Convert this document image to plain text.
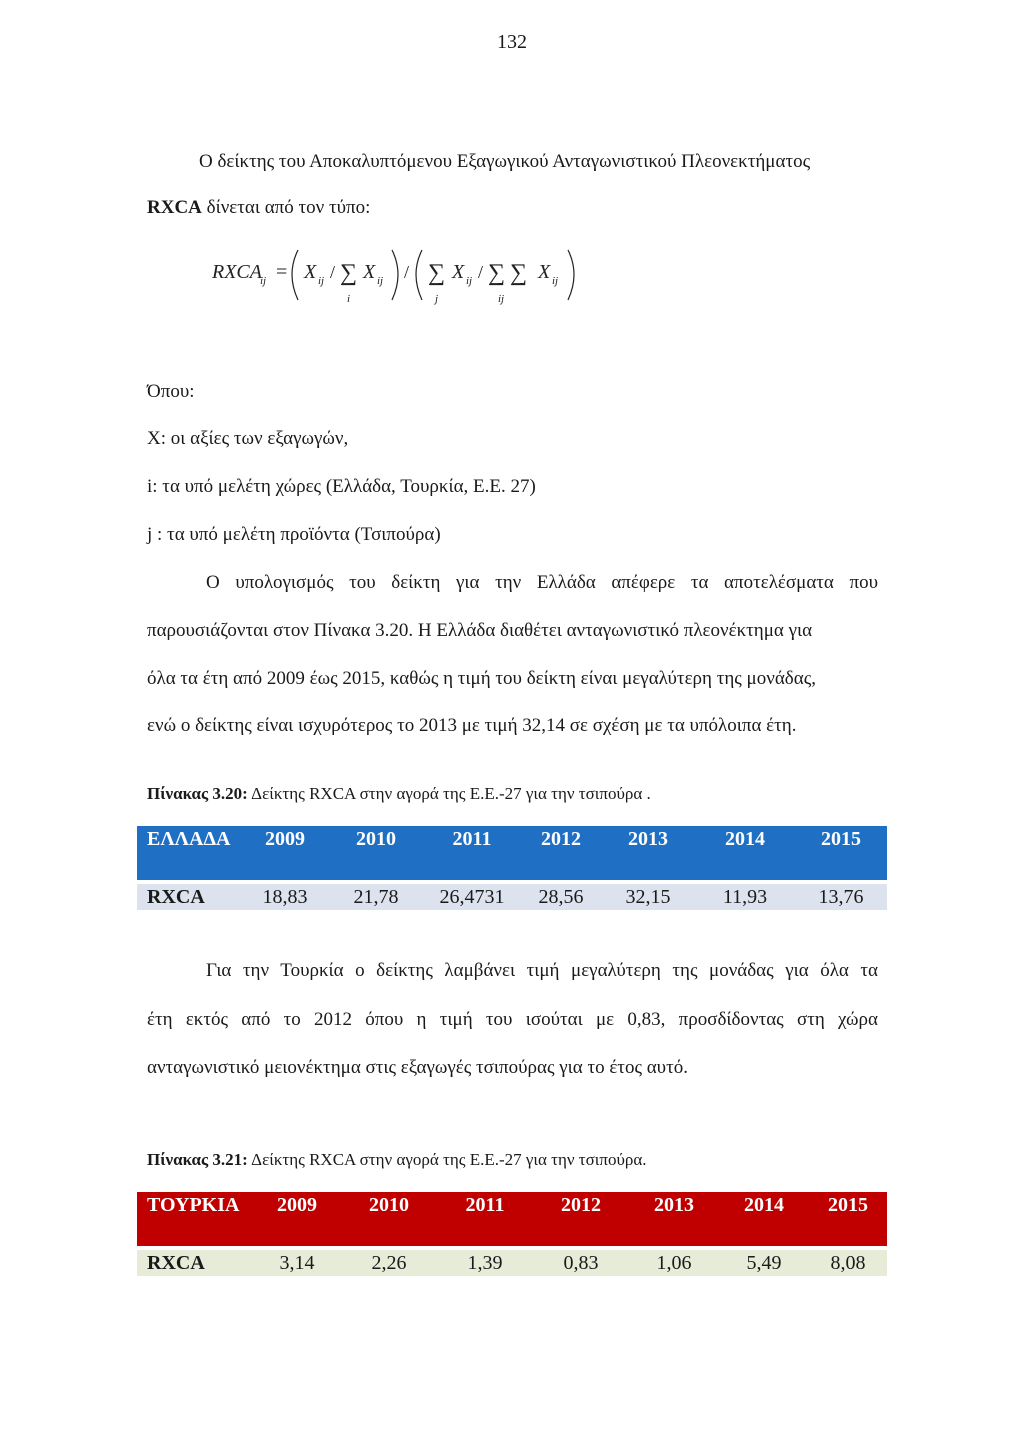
132
Ο δείκτης του Αποκαλυπτόμενου Εξαγωγικού Ανταγωνιστικού Πλεονεκτήματος
RXCA δίνεται από τον τύπο:
RXCA
ij = X ij / ∑
i
X ij / ∑
j
X ij / ∑ ∑
ij
X ij
Όπου:
X: οι αξίες των εξαγωγών,
i: τα υπό μελέτη χώρες (Ελλάδα, Τουρκία, Ε.Ε. 27)
j : τα υπό μελέτη προϊόντα (Τσιπούρα)
Ο υπολογισμός του δείκτη για την Ελλάδα απέφερε τα αποτελέσματα που
παρουσιάζονται στον Πίνακα 3.20. Η Ελλάδα διαθέτει ανταγωνιστικό πλεονέκτημα για
όλα τα έτη από 2009 έως 2015, καθώς η τιμή του δείκτη είναι μεγαλύτερη της μονάδας,
ενώ ο δείκτης είναι ισχυρότερος το 2013 με τιμή 32,14 σε σχέση με τα υπόλοιπα έτη.
Πίνακας 3.20: Δείκτης RXCA στην αγορά της Ε.Ε.-27 για την τσιπούρα .
ΕΛΛΑΔΑ	2009	2010	2011	2012	2013	2014	2015

RXCA	18,83	21,78	26,4731	28,56	32,15	11,93	13,76
Για την Τουρκία ο δείκτης λαμβάνει τιμή μεγαλύτερη της μονάδας για όλα τα
έτη εκτός από το 2012 όπου η τιμή του ισούται με 0,83, προσδίδοντας στη χώρα
ανταγωνιστικό μειονέκτημα στις εξαγωγές τσιπούρας για το έτος αυτό.
Πίνακας 3.21: Δείκτης RXCA στην αγορά της Ε.Ε.-27 για την τσιπούρα.
ΤΟΥΡΚΙΑ	2009	2010	2011	2012	2013	2014	2015

RXCA	3,14	2,26	1,39	0,83	1,06	5,49	8,08
